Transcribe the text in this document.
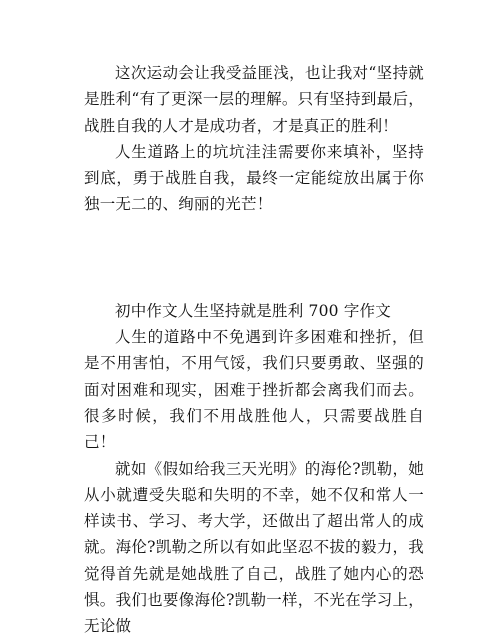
这次运动会让我受益匪浅，也让我对“坚持就是胜利“有了更深一层的理解。只有坚持到最后，战胜自我的人才是成功者，才是真正的胜利！

人生道路上的坑坑洼洼需要你来填补，坚持到底，勇于战胜自我，最终一定能绽放出属于你独一无二的、绚丽的光芒！

初中作文人生坚持就是胜利 700 字作文

人生的道路中不免遇到许多困难和挫折，但是不用害怕，不用气馁，我们只要勇敢、坚强的面对困难和现实，困难于挫折都会离我们而去。很多时候，我们不用战胜他人，只需要战胜自己！

就如《假如给我三天光明》的海伦?凯勒，她从小就遭受失聪和失明的不幸，她不仅和常人一样读书、学习、考大学，还做出了超出常人的成就。海伦?凯勒之所以有如此坚忍不拔的毅力，我觉得首先就是她战胜了自己，战胜了她内心的恐惧。我们也要像海伦?凯勒一样，不光在学习上，无论做
